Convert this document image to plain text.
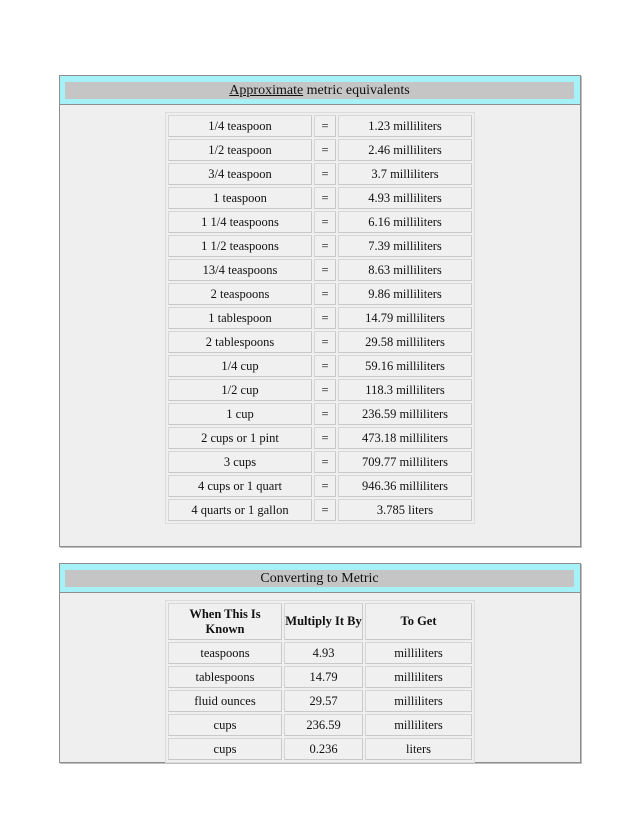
Approximate metric equivalents
1/4 teaspoon	=	1.23 milliliters
1/2 teaspoon	=	2.46 milliliters
3/4 teaspoon	=	3.7 milliliters
1 teaspoon	=	4.93 milliliters
1 1/4 teaspoons	=	6.16 milliliters
1 1/2 teaspoons	=	7.39 milliliters
13/4 teaspoons	=	8.63 milliliters
2 teaspoons	=	9.86 milliliters
1 tablespoon	=	14.79 milliliters
2 tablespoons	=	29.58 milliliters
1/4 cup	=	59.16 milliliters
1/2 cup	=	118.3 milliliters
1 cup	=	236.59 milliliters
2 cups or 1 pint	=	473.18 milliliters
3 cups	=	709.77 milliliters
4 cups or 1 quart	=	946.36 milliliters
4 quarts or 1 gallon	=	3.785 liters
Converting to Metric
When This Is Known	Multiply It By	To Get
teaspoons	4.93	milliliters
tablespoons	14.79	milliliters
fluid ounces	29.57	milliliters
cups	236.59	milliliters
cups	0.236	liters
